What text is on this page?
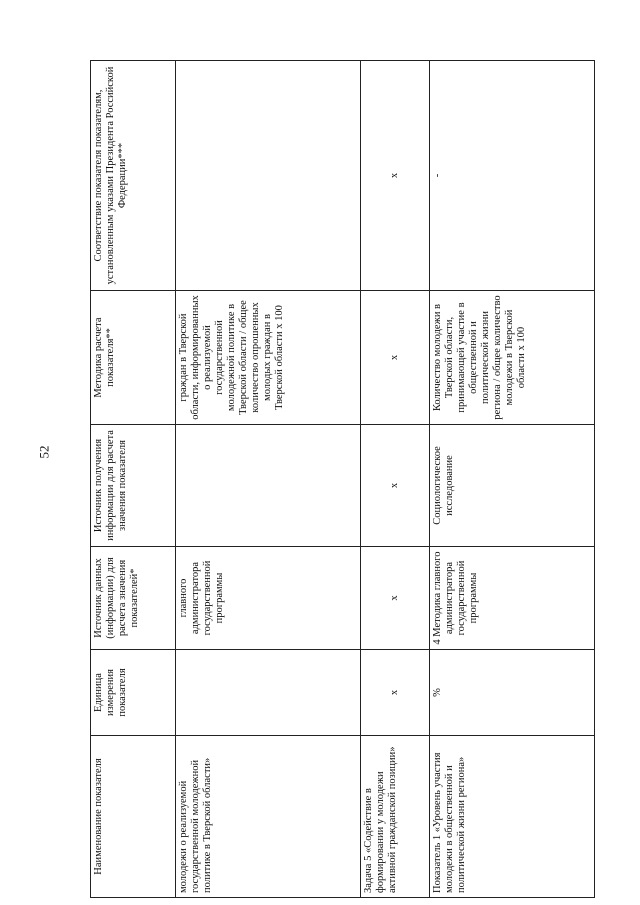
52
Наименование показателя	Единица измерения показателя	Источник данных (информации) для расчета значения показателей*	Источник получения информации для расчета значения показателя	Методика расчета показателя**	Соответствие показателя показателям, установленным указами Президента Российской Федерации***
молодежи о реализуемой государственной молодежной политике в Тверской области»		главного администратора государственной программы		граждан в Тверской области, информированных о реализуемой государственной молодежной политике в Тверской области / общее количество опрошенных молодых граждан в Тверской области х 100	
Задача 5 «Содействие в формировании у молодежи активной гражданской позиции»	х	х	х	х	х
Показатель 1 «Уровень участия молодежи в общественной и политической жизни региона»	%	4 Методика главного администратора государственной программы	Социологическое исследование	Количество молодежи в Тверской области, принимающей участие в общественной и политической жизни региона / общее количество молодежи в Тверской области х 100	-
